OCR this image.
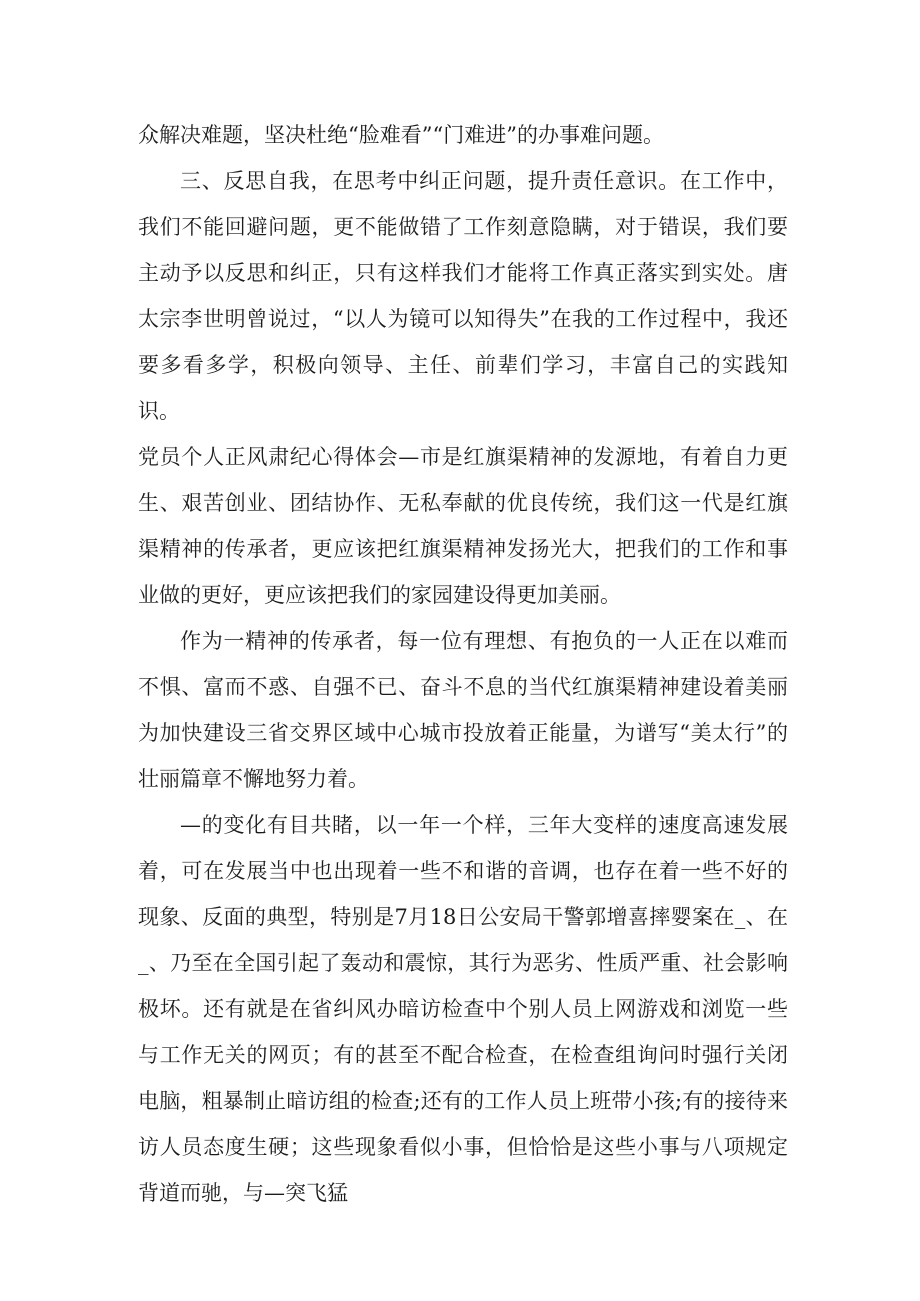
众解决难题，坚决杜绝“脸难看”“门难进”的办事难问题。

三、反思自我，在思考中纠正问题，提升责任意识。在工作中，我们不能回避问题，更不能做错了工作刻意隐瞒，对于错误，我们要主动予以反思和纠正，只有这样我们才能将工作真正落实到实处。唐太宗李世明曾说过，“以人为镜可以知得失”在我的工作过程中，我还要多看多学，积极向领导、主任、前辈们学习，丰富自己的实践知识。

党员个人正风肃纪心得体会—市是红旗渠精神的发源地，有着自力更生、艰苦创业、团结协作、无私奉献的优良传统，我们这一代是红旗渠精神的传承者，更应该把红旗渠精神发扬光大，把我们的工作和事业做的更好，更应该把我们的家园建设得更加美丽。

作为一精神的传承者，每一位有理想、有抱负的一人正在以难而不惧、富而不惑、自强不已、奋斗不息的当代红旗渠精神建设着美丽为加快建设三省交界区域中心城市投放着正能量，为谱写“美太行”的壮丽篇章不懈地努力着。

—的变化有目共睹，以一年一个样，三年大变样的速度高速发展着，可在发展当中也出现着一些不和谐的音调，也存在着一些不好的现象、反面的典型，特别是7月18日公安局干警郭增喜摔婴案在_、在_、乃至在全国引起了轰动和震惊，其行为恶劣、性质严重、社会影响极坏。还有就是在省纠风办暗访检查中个别人员上网游戏和浏览一些与工作无关的网页；有的甚至不配合检查，在检查组询问时强行关闭电脑，粗暴制止暗访组的检查;还有的工作人员上班带小孩;有的接待来访人员态度生硬；这些现象看似小事，但恰恰是这些小事与八项规定背道而驰，与—突飞猛
